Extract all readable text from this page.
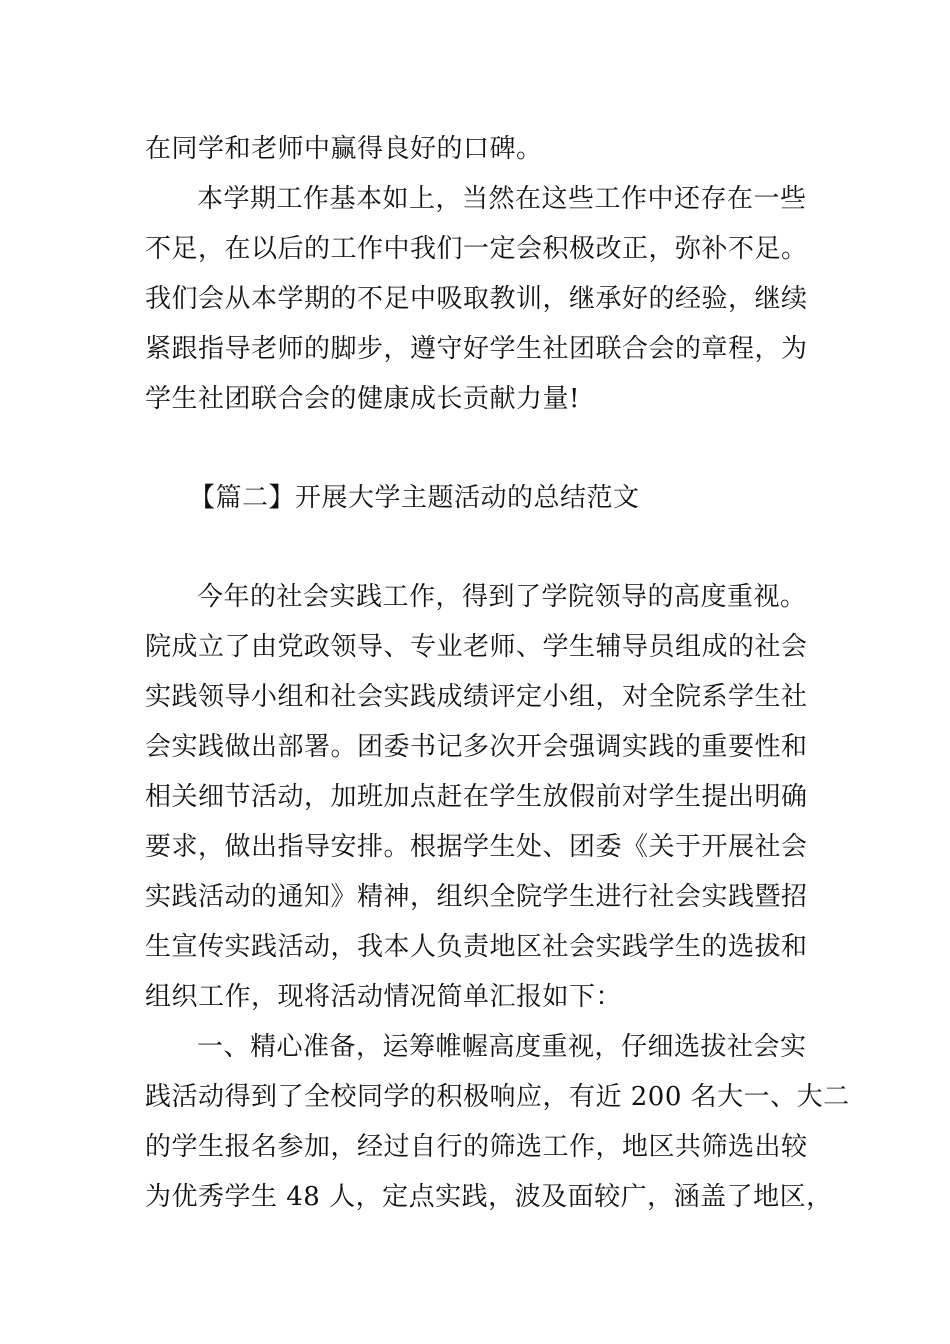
在同学和老师中赢得良好的口碑。
本学期工作基本如上，当然在这些工作中还存在一些
不足，在以后的工作中我们一定会积极改正，弥补不足。
我们会从本学期的不足中吸取教训，继承好的经验，继续
紧跟指导老师的脚步，遵守好学生社团联合会的章程，为
学生社团联合会的健康成长贡献力量!
【篇二】开展大学主题活动的总结范文
今年的社会实践工作，得到了学院领导的高度重视。
院成立了由党政领导、专业老师、学生辅导员组成的社会
实践领导小组和社会实践成绩评定小组，对全院系学生社
会实践做出部署。团委书记多次开会强调实践的重要性和
相关细节活动，加班加点赶在学生放假前对学生提出明确
要求，做出指导安排。根据学生处、团委《关于开展社会
实践活动的通知》精神，组织全院学生进行社会实践暨招
生宣传实践活动，我本人负责地区社会实践学生的选拔和
组织工作，现将活动情况简单汇报如下：
一、精心准备，运筹帷幄高度重视，仔细选拔社会实
践活动得到了全校同学的积极响应，有近 200 名大一、大二
的学生报名参加，经过自行的筛选工作，地区共筛选出较
为优秀学生 48 人，定点实践，波及面较广，涵盖了地区，
